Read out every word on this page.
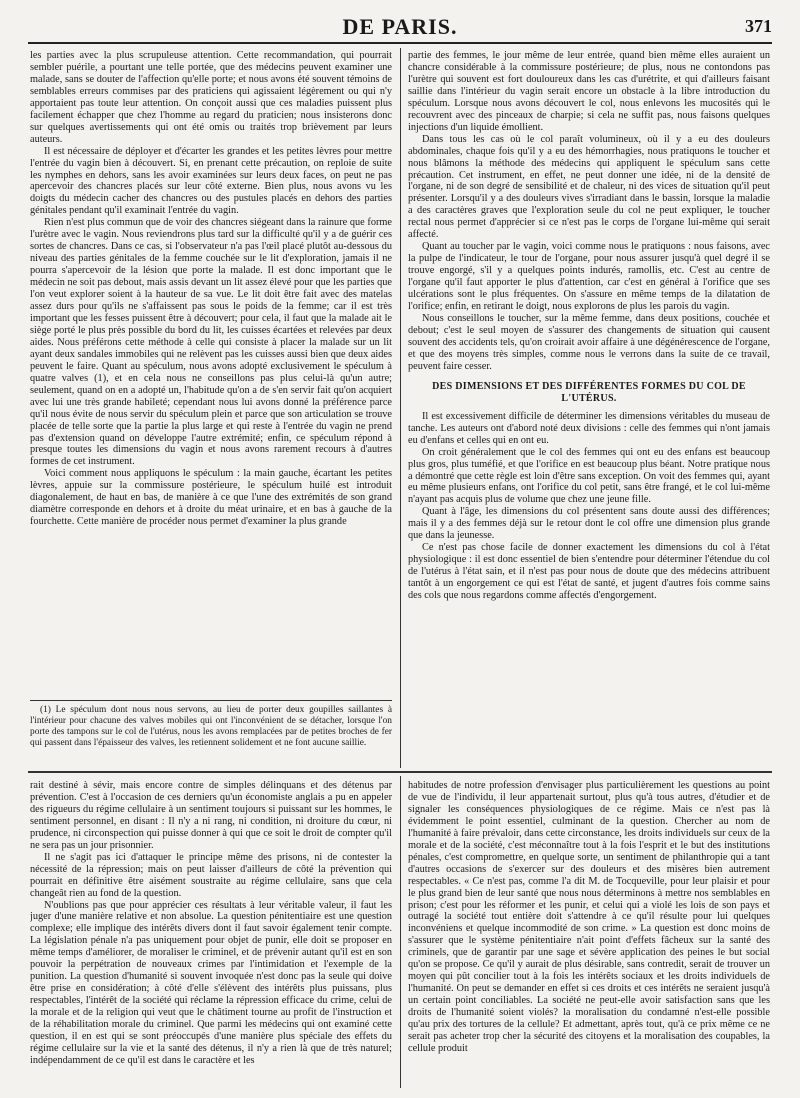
DE PARIS.	371

les parties avec la plus scrupuleuse attention. Cette recommandation, qui pourrait sembler puérile, a pourtant une telle portée, que des médecins peuvent examiner une malade, sans se douter de l'affection qu'elle porte; et nous avons été souvent témoins de semblables erreurs commises par des praticiens qui agissaient légèrement ou qui n'y apportaient pas toute leur attention. On conçoit aussi que ces maladies puissent plus facilement échapper que chez l'homme au regard du praticien; nous insisterons donc sur quelques avertissements qui ont été omis ou traités trop brièvement par leurs auteurs.

Il est nécessaire de déployer et d'écarter les grandes et les petites lèvres pour mettre l'entrée du vagin bien à découvert. Si, en prenant cette précaution, on reploie de suite les nymphes en dehors, sans les avoir examinées sur leurs deux faces, on peut ne pas apercevoir des chancres placés sur leur côté externe. Bien plus, nous avons vu les doigts du médecin cacher des chancres ou des pustules placés en dehors des parties génitales pendant qu'il examinait l'entrée du vagin.

Rien n'est plus commun que de voir des chancres siégeant dans la rainure que forme l'urètre avec le vagin. Nous reviendrons plus tard sur la difficulté qu'il y a de guérir ces sortes de chancres. Dans ce cas, si l'observateur n'a pas l'œil placé plutôt au-dessous du niveau des parties génitales de la femme couchée sur le lit d'exploration, jamais il ne pourra s'apercevoir de la lésion que porte la malade. Il est donc important que le médecin ne soit pas debout, mais assis devant un lit assez élevé pour que les parties que l'on veut explorer soient à la hauteur de sa vue. Le lit doit être fait avec des matelas assez durs pour qu'ils ne s'affaissent pas sous le poids de la femme; car il est très important que les fesses puissent être à découvert; pour cela, il faut que la malade ait le siège porté le plus près possible du bord du lit, les cuisses écartées et relevées par deux aides. Nous préférons cette méthode à celle qui consiste à placer la malade sur un lit ayant deux sandales immobiles qui ne relèvent pas les cuisses aussi bien que deux aides peuvent le faire. Quant au spéculum, nous avons adopté exclusivement le spéculum à quatre valves (1), et en cela nous ne conseillons pas plus celui-là qu'un autre; seulement, quand on en a adopté un, l'habitude qu'on a de s'en servir fait qu'on acquiert avec lui une très grande habileté; cependant nous lui avons donné la préférence parce qu'il nous évite de nous servir du spéculum plein et parce que son articulation se trouve placée de telle sorte que la partie la plus large et qui reste à l'entrée du vagin ne prend pas d'extension quand on développe l'autre extrémité; enfin, ce spéculum répond à presque toutes les dimensions du vagin et nous avons rarement recours à d'autres formes de cet instrument.

Voici comment nous appliquons le spéculum : la main gauche, écartant les petites lèvres, appuie sur la commissure postérieure, le spéculum huilé est introduit diagonalement, de haut en bas, de manière à ce que l'une des extrémités de son grand diamètre corresponde en dehors et à droite du méat urinaire, et en bas à gauche de la fourchette. Cette manière de procéder nous permet d'examiner la plus grande

(1) Le spéculum dont nous nous servons, au lieu de porter deux goupilles saillantes à l'intérieur pour chacune des valves mobiles qui ont l'inconvénient de se détacher, lorsque l'on porte des tampons sur le col de l'utérus, nous les avons remplacées par de petites broches de fer qui passent dans l'épaisseur des valves, les retiennent solidement et ne font aucune saillie.

partie des femmes, le jour même de leur entrée, quand bien même elles auraient un chancre considérable à la commissure postérieure; de plus, nous ne contondons pas l'urètre qui souvent est fort douloureux dans les cas d'urétrite, et qui d'ailleurs faisant saillie dans l'intérieur du vagin serait encore un obstacle à la libre introduction du spéculum. Lorsque nous avons découvert le col, nous enlevons les mucosités qui le recouvrent avec des pinceaux de charpie; si cela ne suffit pas, nous faisons quelques injections d'un liquide émollient.

Dans tous les cas où le col paraît volumineux, où il y a eu des douleurs abdominales, chaque fois qu'il y a eu des hémorrhagies, nous pratiquons le toucher et nous blâmons la méthode des médecins qui appliquent le spéculum sans cette précaution. Cet instrument, en effet, ne peut donner une idée, ni de la densité de l'organe, ni de son degré de sensibilité et de chaleur, ni des vices de situation qu'il peut présenter. Lorsqu'il y a des douleurs vives s'irradiant dans le bassin, lorsque la maladie a des caractères graves que l'exploration seule du col ne peut expliquer, le toucher rectal nous permet d'apprécier si ce n'est pas le corps de l'organe lui-même qui serait affecté.

Quant au toucher par le vagin, voici comme nous le pratiquons : nous faisons, avec la pulpe de l'indicateur, le tour de l'organe, pour nous assurer jusqu'à quel degré il se trouve engorgé, s'il y a quelques points indurés, ramollis, etc. C'est au centre de l'organe qu'il faut apporter le plus d'attention, car c'est en général à l'orifice que ses ulcérations sont le plus fréquentes. On s'assure en même temps de la dilatation de l'orifice; enfin, en retirant le doigt, nous explorons de plus les parois du vagin.

Nous conseillons le toucher, sur la même femme, dans deux positions, couchée et debout; c'est le seul moyen de s'assurer des changements de situation qui causent souvent des accidents tels, qu'on croirait avoir affaire à une dégénérescence de l'organe, et que des moyens très simples, comme nous le verrons dans la suite de ce travail, peuvent faire cesser.

DES DIMENSIONS ET DES DIFFÉRENTES FORMES DU COL DE L'UTÉRUS.

Il est excessivement difficile de déterminer les dimensions véritables du museau de tanche. Les auteurs ont d'abord noté deux divisions : celle des femmes qui n'ont jamais eu d'enfans et celles qui en ont eu.

On croit généralement que le col des femmes qui ont eu des enfans est beaucoup plus gros, plus tuméfié, et que l'orifice en est beaucoup plus béant. Notre pratique nous a démontré que cette règle est loin d'être sans exception. On voit des femmes qui, ayant eu même plusieurs enfans, ont l'orifice du col petit, sans être frangé, et le col lui-même n'ayant pas acquis plus de volume que chez une jeune fille.

Quant à l'âge, les dimensions du col présentent sans doute aussi des différences; mais il y a des femmes déjà sur le retour dont le col offre une dimension plus grande que dans la jeunesse.

Ce n'est pas chose facile de donner exactement les dimensions du col à l'état physiologique : il est donc essentiel de bien s'entendre pour déterminer l'étendue du col de l'utérus à l'état sain, et il n'est pas pour nous de doute que des médecins attribuent tantôt à un engorgement ce qui est l'état de santé, et jugent d'autres fois comme sains des cols que nous regardons comme affectés d'engorgement.

rait destiné à sévir, mais encore contre de simples délinquans et des détenus par prévention. C'est à l'occasion de ces derniers qu'un économiste anglais a pu en appeler des rigueurs du régime cellulaire à un sentiment toujours si puissant sur les hommes, le sentiment personnel, en disant : Il n'y a ni rang, ni condition, ni droiture du cœur, ni prudence, ni circonspection qui puisse donner à qui que ce soit le droit de compter qu'il ne sera pas un jour prisonnier.

Il ne s'agit pas ici d'attaquer le principe même des prisons, ni de contester la nécessité de la répression; mais on peut laisser d'ailleurs de côté la prévention qui pourrait en définitive être aisément soustraite au régime cellulaire, sans que cela changeât rien au fond de la question.

N'oublions pas que pour apprécier ces résultats à leur véritable valeur, il faut les juger d'une manière relative et non absolue. La question pénitentiaire est une question complexe; elle implique des intérêts divers dont il faut savoir également tenir compte. La législation pénale n'a pas uniquement pour objet de punir, elle doit se proposer en même temps d'améliorer, de moraliser le criminel, et de prévenir autant qu'il est en son pouvoir la perpétration de nouveaux crimes par l'intimidation et l'exemple de la punition. La question d'humanité si souvent invoquée n'est donc pas la seule qui doive être prise en considération; à côté d'elle s'élèvent des intérêts plus puissans, plus respectables, l'intérêt de la société qui réclame la répression efficace du crime, celui de la morale et de la religion qui veut que le châtiment tourne au profit de l'instruction et de la réhabilitation morale du criminel. Que parmi les médecins qui ont examiné cette question, il en est qui se sont préoccupés d'une manière plus spéciale des effets du régime cellulaire sur la vie et la santé des détenus, il n'y a rien là que de très naturel; indépendamment de ce qu'il est dans le caractère et les

habitudes de notre profession d'envisager plus particulièrement les questions au point de vue de l'individu, il leur appartenait surtout, plus qu'à tous autres, d'étudier et de signaler les conséquences physiologiques de ce régime. Mais ce n'est pas là évidemment le point essentiel, culminant de la question. Chercher au nom de l'humanité à faire prévaloir, dans cette circonstance, les droits individuels sur ceux de la morale et de la société, c'est méconnaître tout à la fois l'esprit et le but des institutions pénales, c'est compromettre, en quelque sorte, un sentiment de philanthropie qui a tant d'autres occasions de s'exercer sur des douleurs et des misères bien autrement respectables. « Ce n'est pas, comme l'a dit M. de Tocqueville, pour leur plaisir et pour le plus grand bien de leur santé que nous nous déterminons à mettre nos semblables en prison; c'est pour les réformer et les punir, et celui qui a violé les lois de son pays et outragé la société tout entière doit s'attendre à ce qu'il résulte pour lui quelques inconvéniens et quelque incommodité de son crime. » La question est donc moins de s'assurer que le système pénitentiaire n'ait point d'effets fâcheux sur la santé des criminels, que de garantir par une sage et sévère application des peines le but social qu'on se propose. Ce qu'il y aurait de plus désirable, sans contredit, serait de trouver un moyen qui pût concilier tout à la fois les intérêts sociaux et les droits individuels de l'humanité. On peut se demander en effet si ces droits et ces intérêts ne seraient jusqu'à un certain point conciliables. La société ne peut-elle avoir satisfaction sans que les droits de l'humanité soient violés? la moralisation du condamné n'est-elle possible qu'au prix des tortures de la cellule? Et admettant, après tout, qu'à ce prix même ce ne serait pas acheter trop cher la sécurité des citoyens et la moralisation des coupables, la cellule produit
